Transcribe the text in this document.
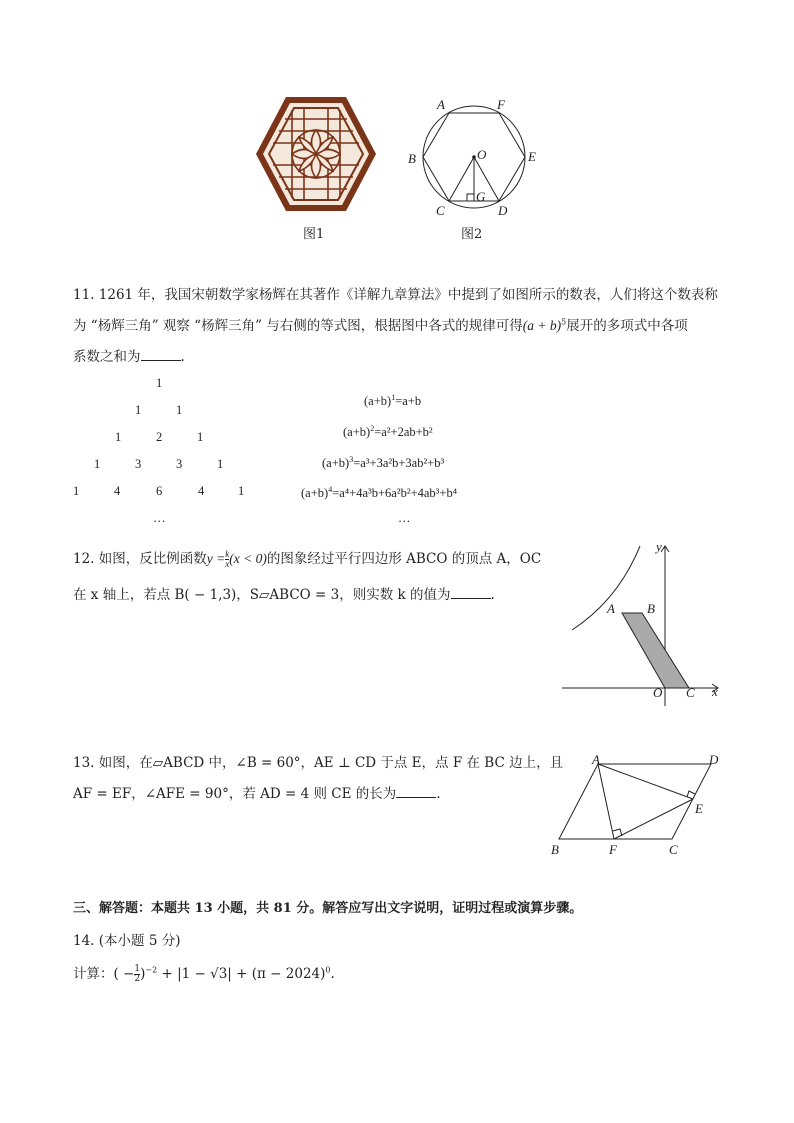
图1
A	F
B	O	E
G
C	D
图2
11. 1261 年，我国宋朝数学家杨辉在其著作《详解九章算法》中提到了如图所示的数表，人们将这个数表称
为 “杨辉三角” 观察 “杨辉三角” 与右侧的等式图，根据图中各式的规律可得$(a + b)^5$展开的多项式中各项
系数之和为	.
1
1	1
1	2	1
1	3	3	1
1	4	6	4	1
…
$(a+b)^1=a+b$
$(a+b)^2=a^2+2ab+b^2$
$(a+b)^3=a^3+3a^2b+3ab^2+b^3$
$(a+b)^4=a^4+4a^3b+6a^2b^2+4ab^3+b^4$
…
12. 如图，反比例函数$y = \frac{k}{x} (x < 0)$的图象经过平行四边形 ABCO 的顶点 A，OC
在 x 轴上，若点 B( − 1,3)，S▱ABCO = 3，则实数 k 的值为	.
y
x
A B
O C
13. 如图，在▱ABCD 中，∠B = 60°，AE ⊥ CD 于点 E，点 F 在 BC 边上，且
AF = EF，∠AFE = 90°，若 AD = 4 则 CE 的长为	.
A	D
E
B	F	C
三、解答题：本题共 13 小题，共 81 分。解答应写出文字说明，证明过程或演算步骤。
14. (本小题 5 分)
计算：( − $\frac{1}{2} )^{-2} + |1 - √3| + (\pi - 2024)^0$.
